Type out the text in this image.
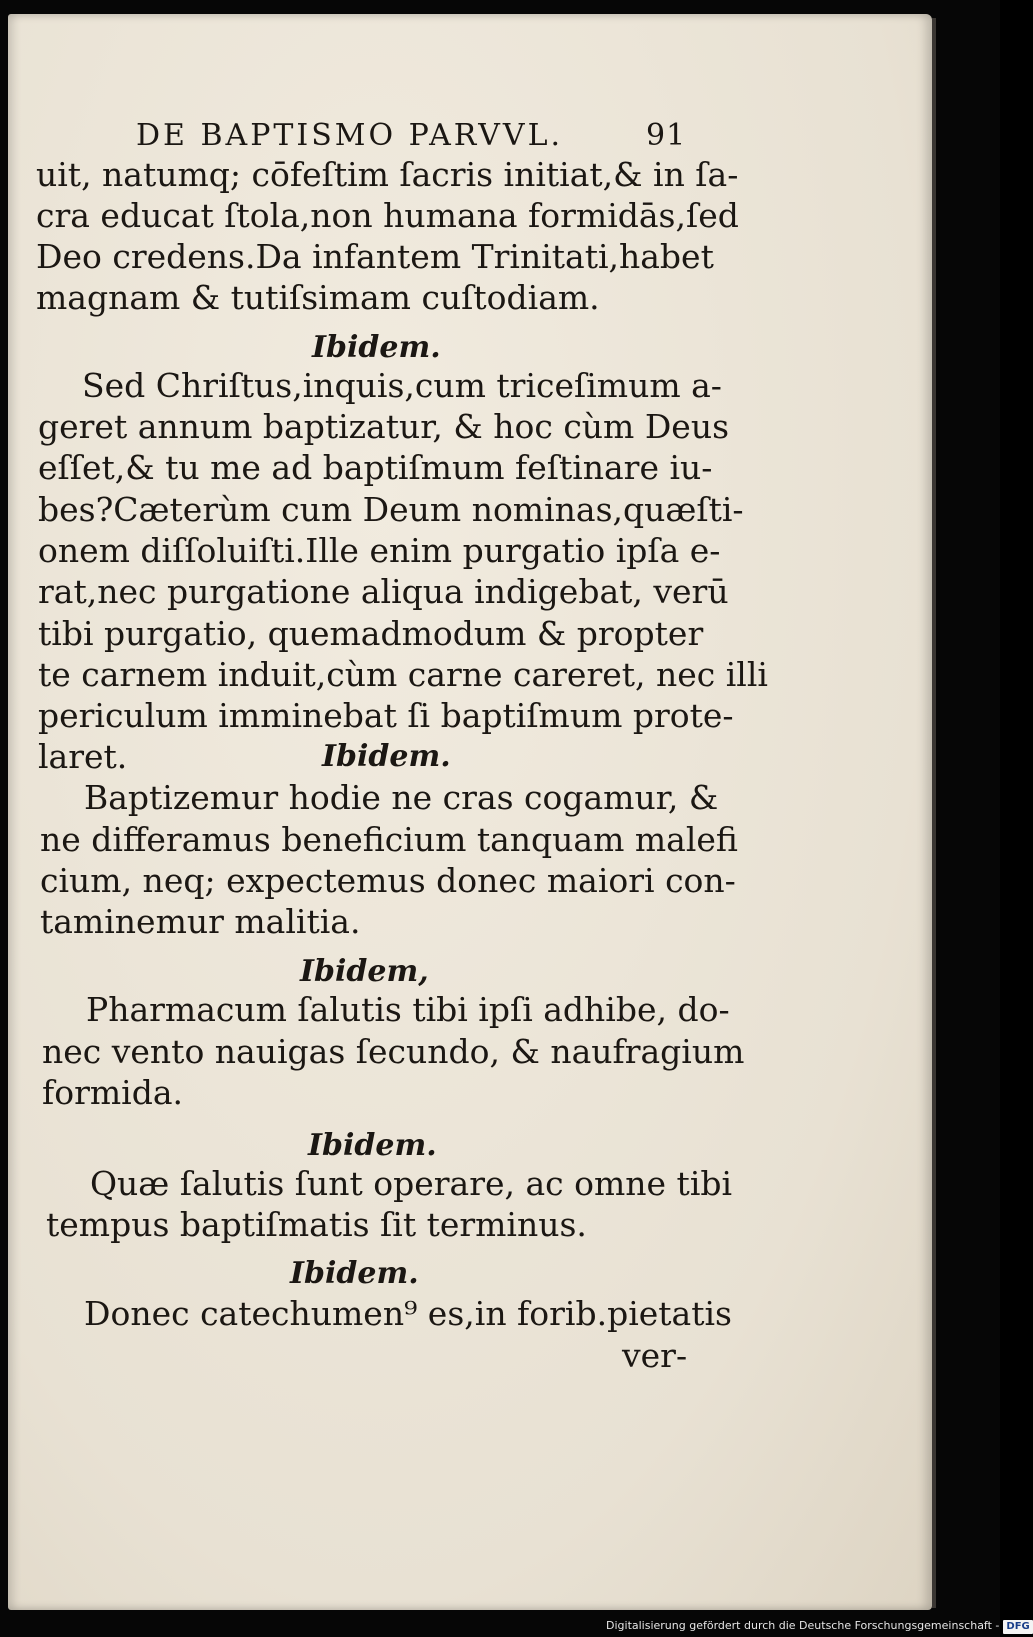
DE BAPTISMO PARVVL.	91
uit, natumq; cōfeſtim ſacris initiat,& in ſa-
cra educat ſtola,non humana formidās,ſed
Deo credens.Da infantem Trinitati,habet
magnam & tutiſsimam cuſtodiam.
Ibidem.
Sed Chriſtus,inquis,cum triceſimum a-
geret annum baptizatur, & hoc cùm Deus
eſſet,& tu me ad baptiſmum feſtinare iu-
bes?Cæterùm cum Deum nominas,quæſti-
onem diſſoluiſti.Ille enim purgatio ipſa e-
rat,nec purgatione aliqua indigebat, verū
tibi purgatio, quemadmodum & propter
te carnem induit,cùm carne careret, nec illi
periculum imminebat ſi baptiſmum prote-
laret.	Ibidem.
Baptizemur hodie ne cras cogamur, &
ne differamus beneficium tanquam malefi
cium, neq; expectemus donec maiori con-
taminemur malitia.
Ibidem,
Pharmacum ſalutis tibi ipſi adhibe, do-
nec vento nauigas ſecundo, & naufragium
formida.
Ibidem.
Quæ ſalutis ſunt operare, ac omne tibi
tempus baptiſmatis ſit terminus.
Ibidem.
Donec catechumen⁹ es,in forib.pietatis
ver-
Digitalisierung gefördert durch die Deutsche Forschungsgemeinschaft - DFG
